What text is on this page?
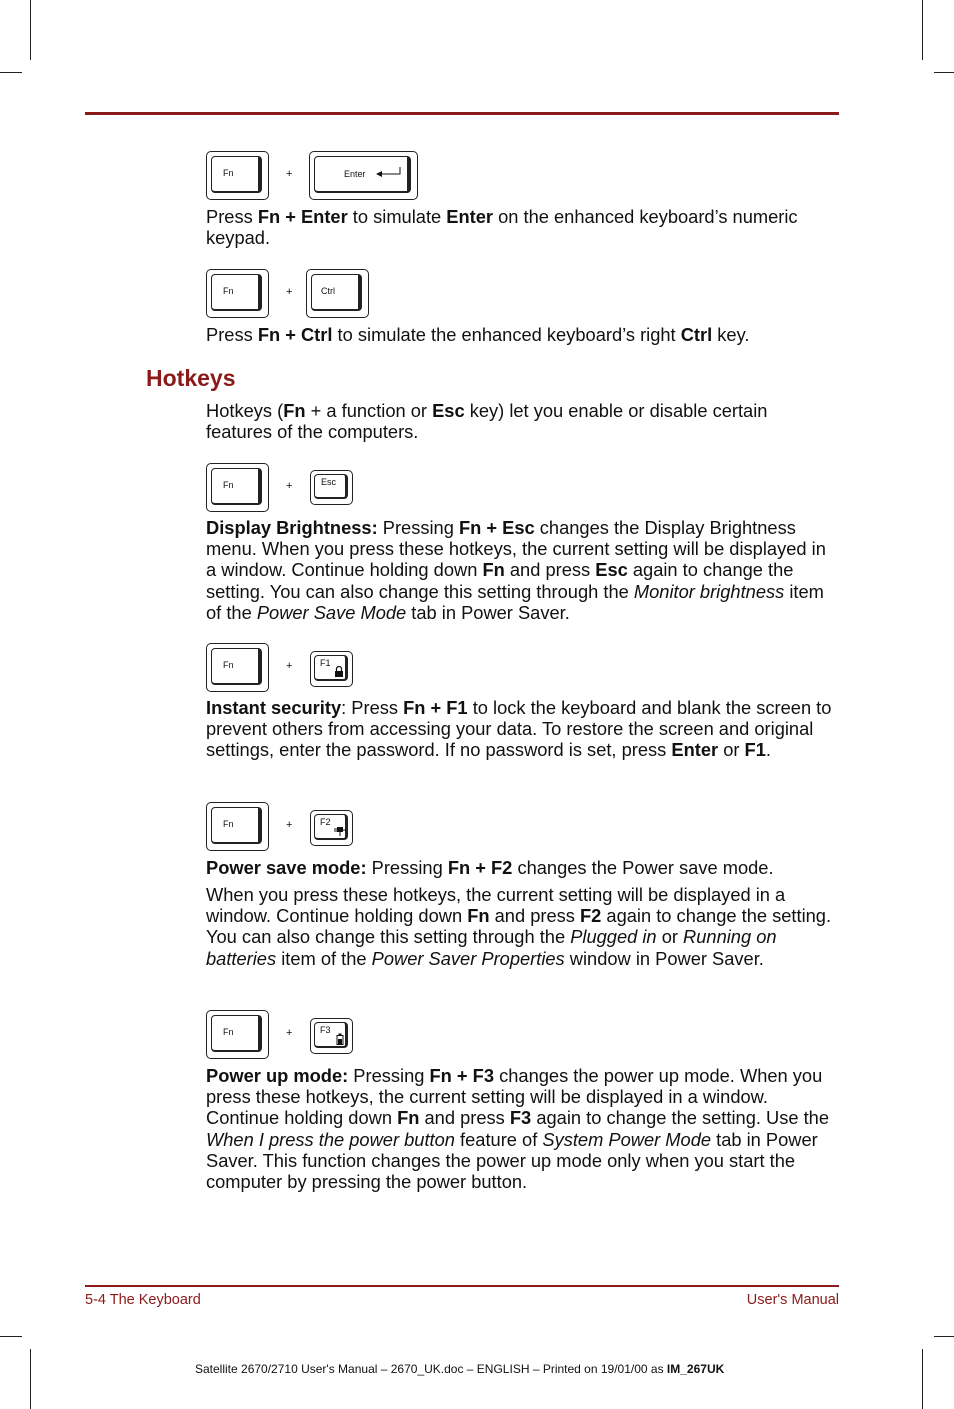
Fn	+	Enter
Press Fn + Enter to simulate Enter on the enhanced keyboard’s numeric keypad.
Fn	+	Ctrl
Press Fn + Ctrl to simulate the enhanced keyboard’s right Ctrl key.
Hotkeys
Hotkeys (Fn + a function or Esc key) let you enable or disable certain features of the computers.
Fn	+	Esc
Display Brightness: Pressing Fn + Esc changes the Display Brightness menu. When you press these hotkeys, the current setting will be displayed in a window. Continue holding down Fn and press Esc again to change the setting. You can also change this setting through the Monitor brightness item of the Power Save Mode tab in Power Saver.
Fn	+	F1
Instant security: Press Fn + F1 to lock the keyboard and blank the screen to prevent others from accessing your data. To restore the screen and original settings, enter the password. If no password is set, press Enter or F1.
Fn	+	F2
Power save mode: Pressing Fn + F2 changes the Power save mode.
When you press these hotkeys, the current setting will be displayed in a window. Continue holding down Fn and press F2 again to change the setting. You can also change this setting through the Plugged in or Running on batteries item of the Power Saver Properties window in Power Saver.
Fn	+	F3
Power up mode: Pressing Fn + F3 changes the power up mode. When you press these hotkeys, the current setting will be displayed in a window. Continue holding down Fn and press F3 again to change the setting. Use the When I press the power button feature of System Power Mode tab in Power Saver. This function changes the power up mode only when you start the computer by pressing the power button.
5-4 The Keyboard	User's Manual
Satellite 2670/2710 User's Manual – 2670_UK.doc – ENGLISH – Printed on 19/01/00 as IM_267UK
